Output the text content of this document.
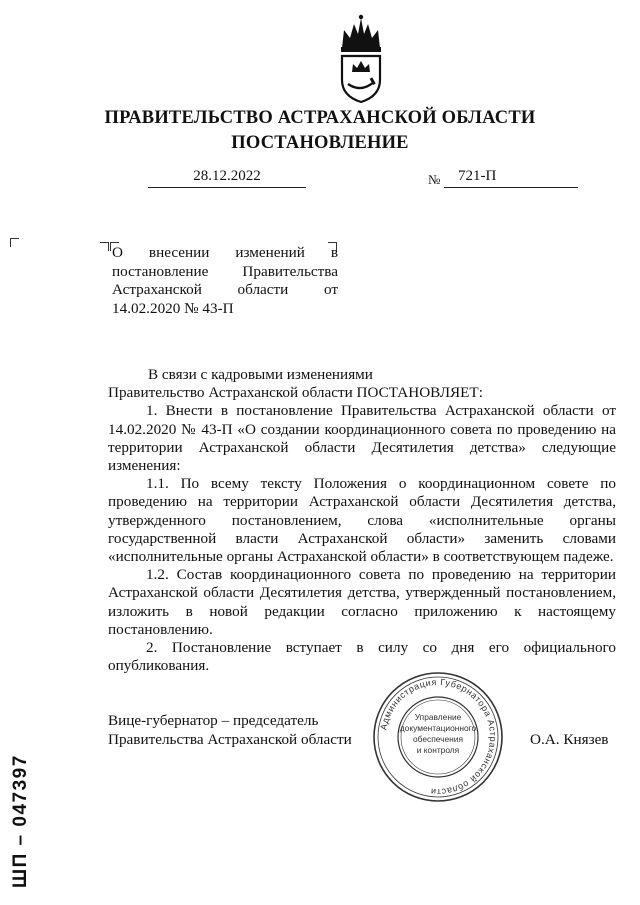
ПРАВИТЕЛЬСТВО АСТРАХАНСКОЙ ОБЛАСТИ
ПОСТАНОВЛЕНИЕ
28.12.2022	№	721-П
О внесении изменений в постановление Правительства Астраханской области от 14.02.2020 № 43-П

В связи с кадровыми изменениями

Правительство Астраханской области ПОСТАНОВЛЯЕТ:

1. Внести в постановление Правительства Астраханской области от 14.02.2020 № 43-П «О создании координационного совета по проведению на территории Астраханской области Десятилетия детства» следующие изменения:

1.1. По всему тексту Положения о координационном совете по проведению на территории Астраханской области Десятилетия детства, утвержденного постановлением, слова «исполнительные органы государственной власти Астраханской области» заменить словами «исполнительные органы Астраханской области» в соответствующем падеже.

1.2. Состав координационного совета по проведению на территории Астраханской области Десятилетия детства, утвержденный постановлением, изложить в новой редакции согласно приложению к настоящему постановлению.

2. Постановление вступает в силу со дня его официального опубликования.

Вице-губернатор – председатель
Правительства Астраханской области	О.А. Князев
Администрация Губернатора Астраханской области
Управление
документационного
обеспечения
и контроля
ШП – 047397
